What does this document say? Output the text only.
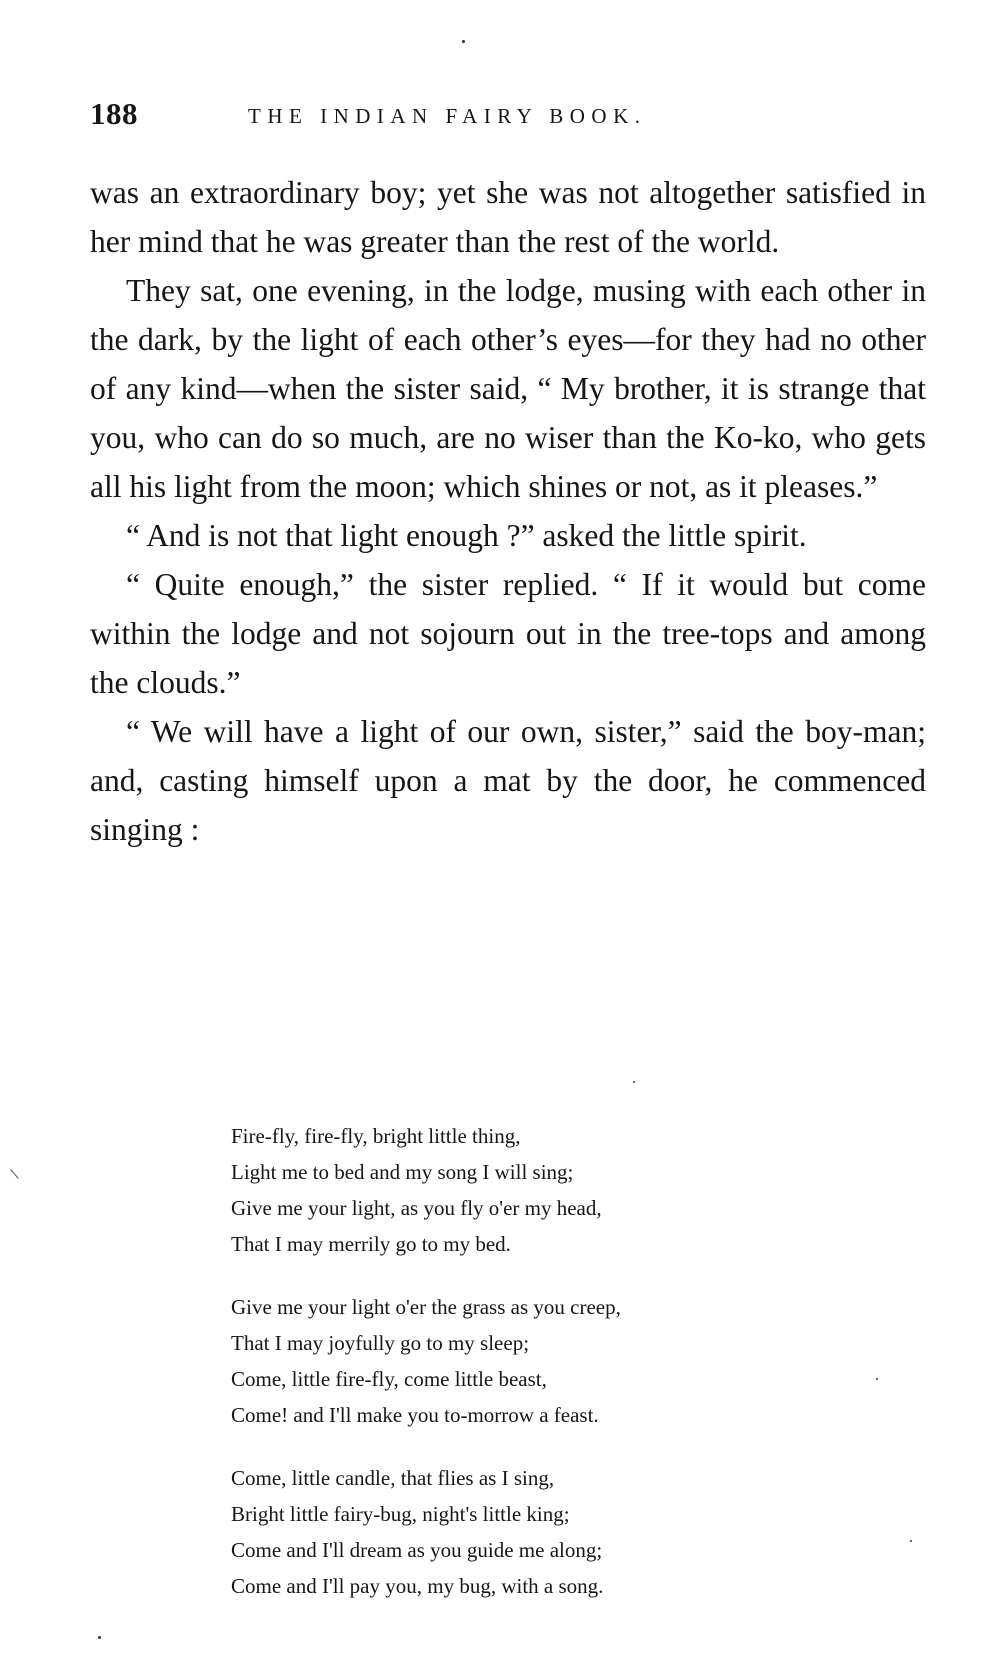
188	THE INDIAN FAIRY BOOK.

was an extraordinary boy; yet she was not altogether satisfied in her mind that he was greater than the rest of the world.

They sat, one evening, in the lodge, musing with each other in the dark, by the light of each other’s eyes—for they had no other of any kind—when the sister said, “ My brother, it is strange that you, who can do so much, are no wiser than the Ko-ko, who gets all his light from the moon; which shines or not, as it pleases.”

“ And is not that light enough ?” asked the little spirit.

“ Quite enough,” the sister replied. “ If it would but come within the lodge and not sojourn out in the tree-tops and among the clouds.”

“ We will have a light of our own, sister,” said the boy-man; and, casting himself upon a mat by the door, he commenced singing :

Fire-fly, fire-fly, bright little thing,
Light me to bed and my song I will sing;
Give me your light, as you fly o'er my head,
That I may merrily go to my bed.
Give me your light o'er the grass as you creep,
That I may joyfully go to my sleep;
Come, little fire-fly, come little beast,
Come! and I'll make you to-morrow a feast.
Come, little candle, that flies as I sing,
Bright little fairy-bug, night's little king;
Come and I'll dream as you guide me along;
Come and I'll pay you, my bug, with a song.
